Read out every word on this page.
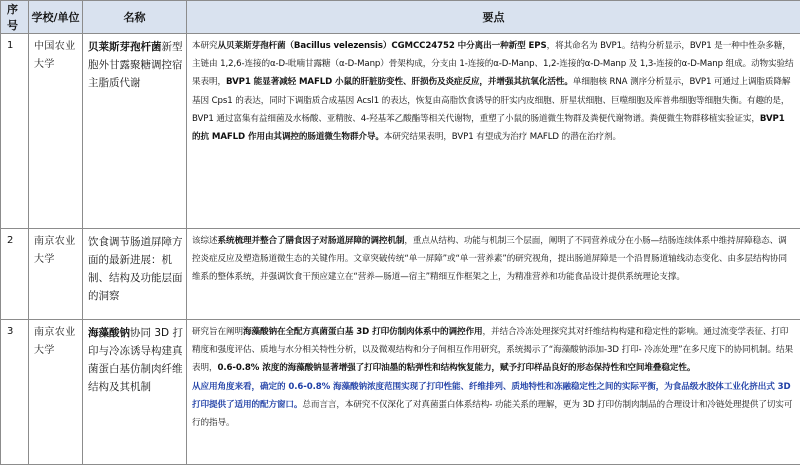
序号	学校/单位	名称	要点
1	中国农业大学	贝莱斯芽孢杆菌新型胞外甘露聚糖调控宿主脂质代谢	本研究从贝莱斯芽孢杆菌（Bacillus velezensis）CGMCC24752 中分离出一种新型 EPS，将其命名为 BVP1。结构分析显示，BVP1 是一种中性杂多糖，主链由 1,2,6-连接的α-D-吡喃甘露糖（α-D-Manp）骨架构成，分支由 1-连接的α-D-Manp、1,2-连接的α-D-Manp 及 1,3-连接的α-D-Manp 组成。动物实验结果表明，BVP1 能显著减轻 MAFLD 小鼠的肝脏肪变性、肝损伤及炎症反应，并增强其抗氧化活性。单细胞核 RNA 测序分析显示，BVP1 可通过上调脂质降解基因 Cps1 的表达，同时下调脂质合成基因 Acsl1 的表达，恢复由高脂饮食诱导的肝实内皮细胞、肝星状细胞、巨噬细胞及库普弗细胞等细胞失衡。有趣的是，BVP1 通过富集有益细菌及水杨酸、亚精胺、4-羟基苯乙酸酯等相关代谢物，重塑了小鼠的肠道微生物群及粪便代谢物谱。粪便微生物群移植实验证实，BVP1 的抗 MAFLD 作用由其调控的肠道微生物群介导。本研究结果表明，BVP1 有望成为治疗 MAFLD 的潜在治疗剂。
2	南京农业大学	饮食调节肠道屏障方面的最新进展：机制、结构及功能层面的洞察	该综述系统梳理并整合了膳食因子对肠道屏障的调控机制，重点从结构、功能与机制三个层面，阐明了不同营养成分在小肠—结肠连续体系中维持屏障稳态、调控炎症反应及塑造肠道微生态的关键作用。文章突破传统“单一屏障”或“单一营养素”的研究视角，提出肠道屏障是一个沿胃肠道轴线动态变化、由多层结构协同维系的整体系统，并强调饮食干预应建立在“营养—肠道—宿主”精细互作框架之上，为精准营养和功能食品设计提供系统理论支撑。
3	南京农业大学	海藻酸钠协同 3D 打印与冷冻诱导构建真菌蛋白基仿制肉纤维结构及其机制	研究旨在阐明海藻酸钠在全配方真菌蛋白基 3D 打印仿制肉体系中的调控作用，并结合冷冻处理探究其对纤维结构构建和稳定性的影响。通过流变学表征、打印精度和强度评估、质地与水分相关特性分析，以及微观结构和分子间相互作用研究，系统揭示了“海藻酸钠添加-3D 打印- 冷冻处理”在多尺度下的协同机制。结果表明，0.6-0.8% 浓度的海藻酸钠显著增强了打印油墨的粘弹性和结构恢复能力，赋予打印样品良好的形态保持性和空间堆叠稳定性。
从应用角度来看，确定的 0.6-0.8% 海藻酸钠浓度范围实现了打印性能、纤维排列、质地特性和冻融稳定性之间的实际平衡，为食品级水胶体工业化挤出式 3D 打印提供了适用的配方窗口。总而言言，本研究不仅深化了对真菌蛋白体系结构- 功能关系的理解，更为 3D 打印仿制肉制品的合理设计和冷链处理提供了切实可行的指导。
